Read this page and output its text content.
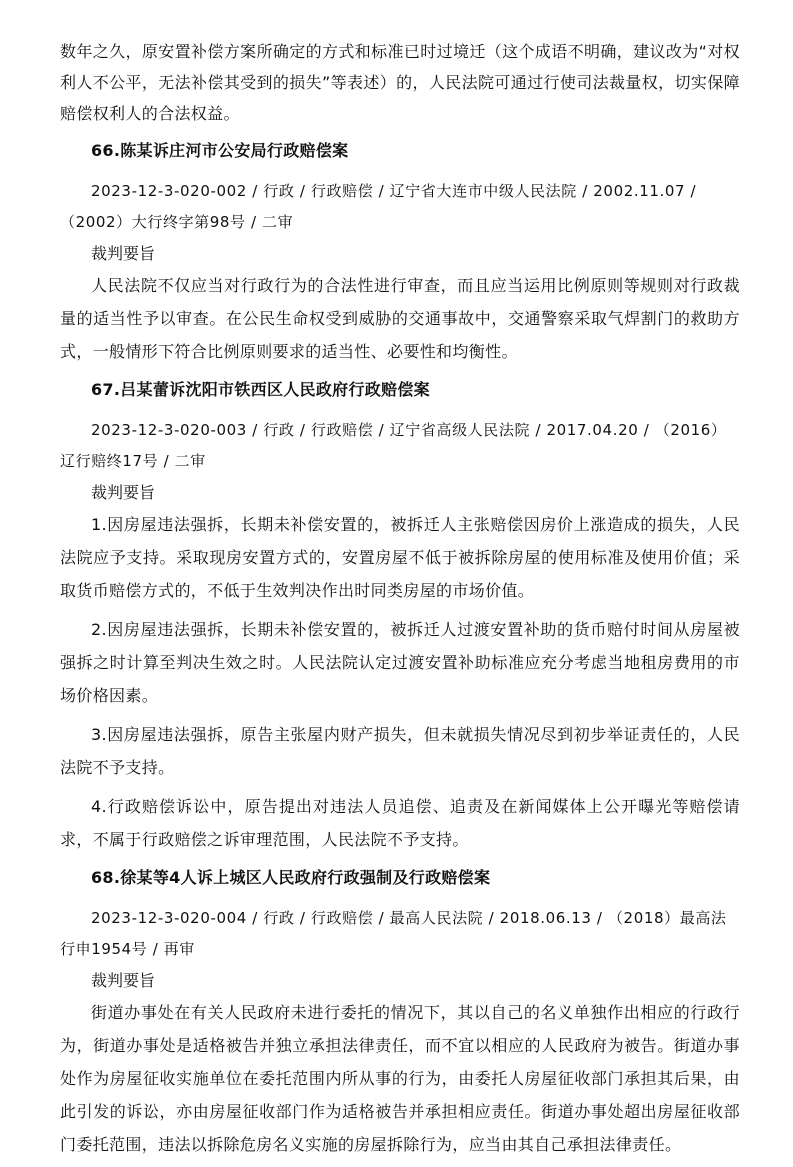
数年之久，原安置补偿方案所确定的方式和标准已时过境迁（这个成语不明确，建议改为“对权利人不公平，无法补偿其受到的损失”等表述）的，人民法院可通过行使司法裁量权，切实保障赔偿权利人的合法权益。

66.陈某诉庄河市公安局行政赔偿案
2023-12-3-020-002 / 行政 / 行政赔偿 / 辽宁省大连市中级人民法院 / 2002.11.07 / （2002）大行终字第98号 / 二审
裁判要旨

人民法院不仅应当对行政行为的合法性进行审查，而且应当运用比例原则等规则对行政裁量的适当性予以审查。在公民生命权受到威胁的交通事故中，交通警察采取气焊割门的救助方式，一般情形下符合比例原则要求的适当性、必要性和均衡性。

67.吕某蕾诉沈阳市铁西区人民政府行政赔偿案
2023-12-3-020-003 / 行政 / 行政赔偿 / 辽宁省高级人民法院 / 2017.04.20 / （2016）辽行赔终17号 / 二审
裁判要旨

1.因房屋违法强拆，长期未补偿安置的，被拆迁人主张赔偿因房价上涨造成的损失，人民法院应予支持。采取现房安置方式的，安置房屋不低于被拆除房屋的使用标准及使用价值；采取货币赔偿方式的，不低于生效判决作出时同类房屋的市场价值。

2.因房屋违法强拆，长期未补偿安置的，被拆迁人过渡安置补助的货币赔付时间从房屋被强拆之时计算至判决生效之时。人民法院认定过渡安置补助标准应充分考虑当地租房费用的市场价格因素。

3.因房屋违法强拆，原告主张屋内财产损失，但未就损失情况尽到初步举证责任的，人民法院不予支持。

4.行政赔偿诉讼中，原告提出对违法人员追偿、追责及在新闻媒体上公开曝光等赔偿请求，不属于行政赔偿之诉审理范围，人民法院不予支持。

68.徐某等4人诉上城区人民政府行政强制及行政赔偿案
2023-12-3-020-004 / 行政 / 行政赔偿 / 最高人民法院 / 2018.06.13 / （2018）最高法行申1954号 / 再审
裁判要旨

街道办事处在有关人民政府未进行委托的情况下，其以自己的名义单独作出相应的行政行为，街道办事处是适格被告并独立承担法律责任，而不宜以相应的人民政府为被告。街道办事处作为房屋征收实施单位在委托范围内所从事的行为，由委托人房屋征收部门承担其后果，由此引发的诉讼，亦由房屋征收部门作为适格被告并承担相应责任。街道办事处超出房屋征收部门委托范围，违法以拆除危房名义实施的房屋拆除行为，应当由其自己承担法律责任。
